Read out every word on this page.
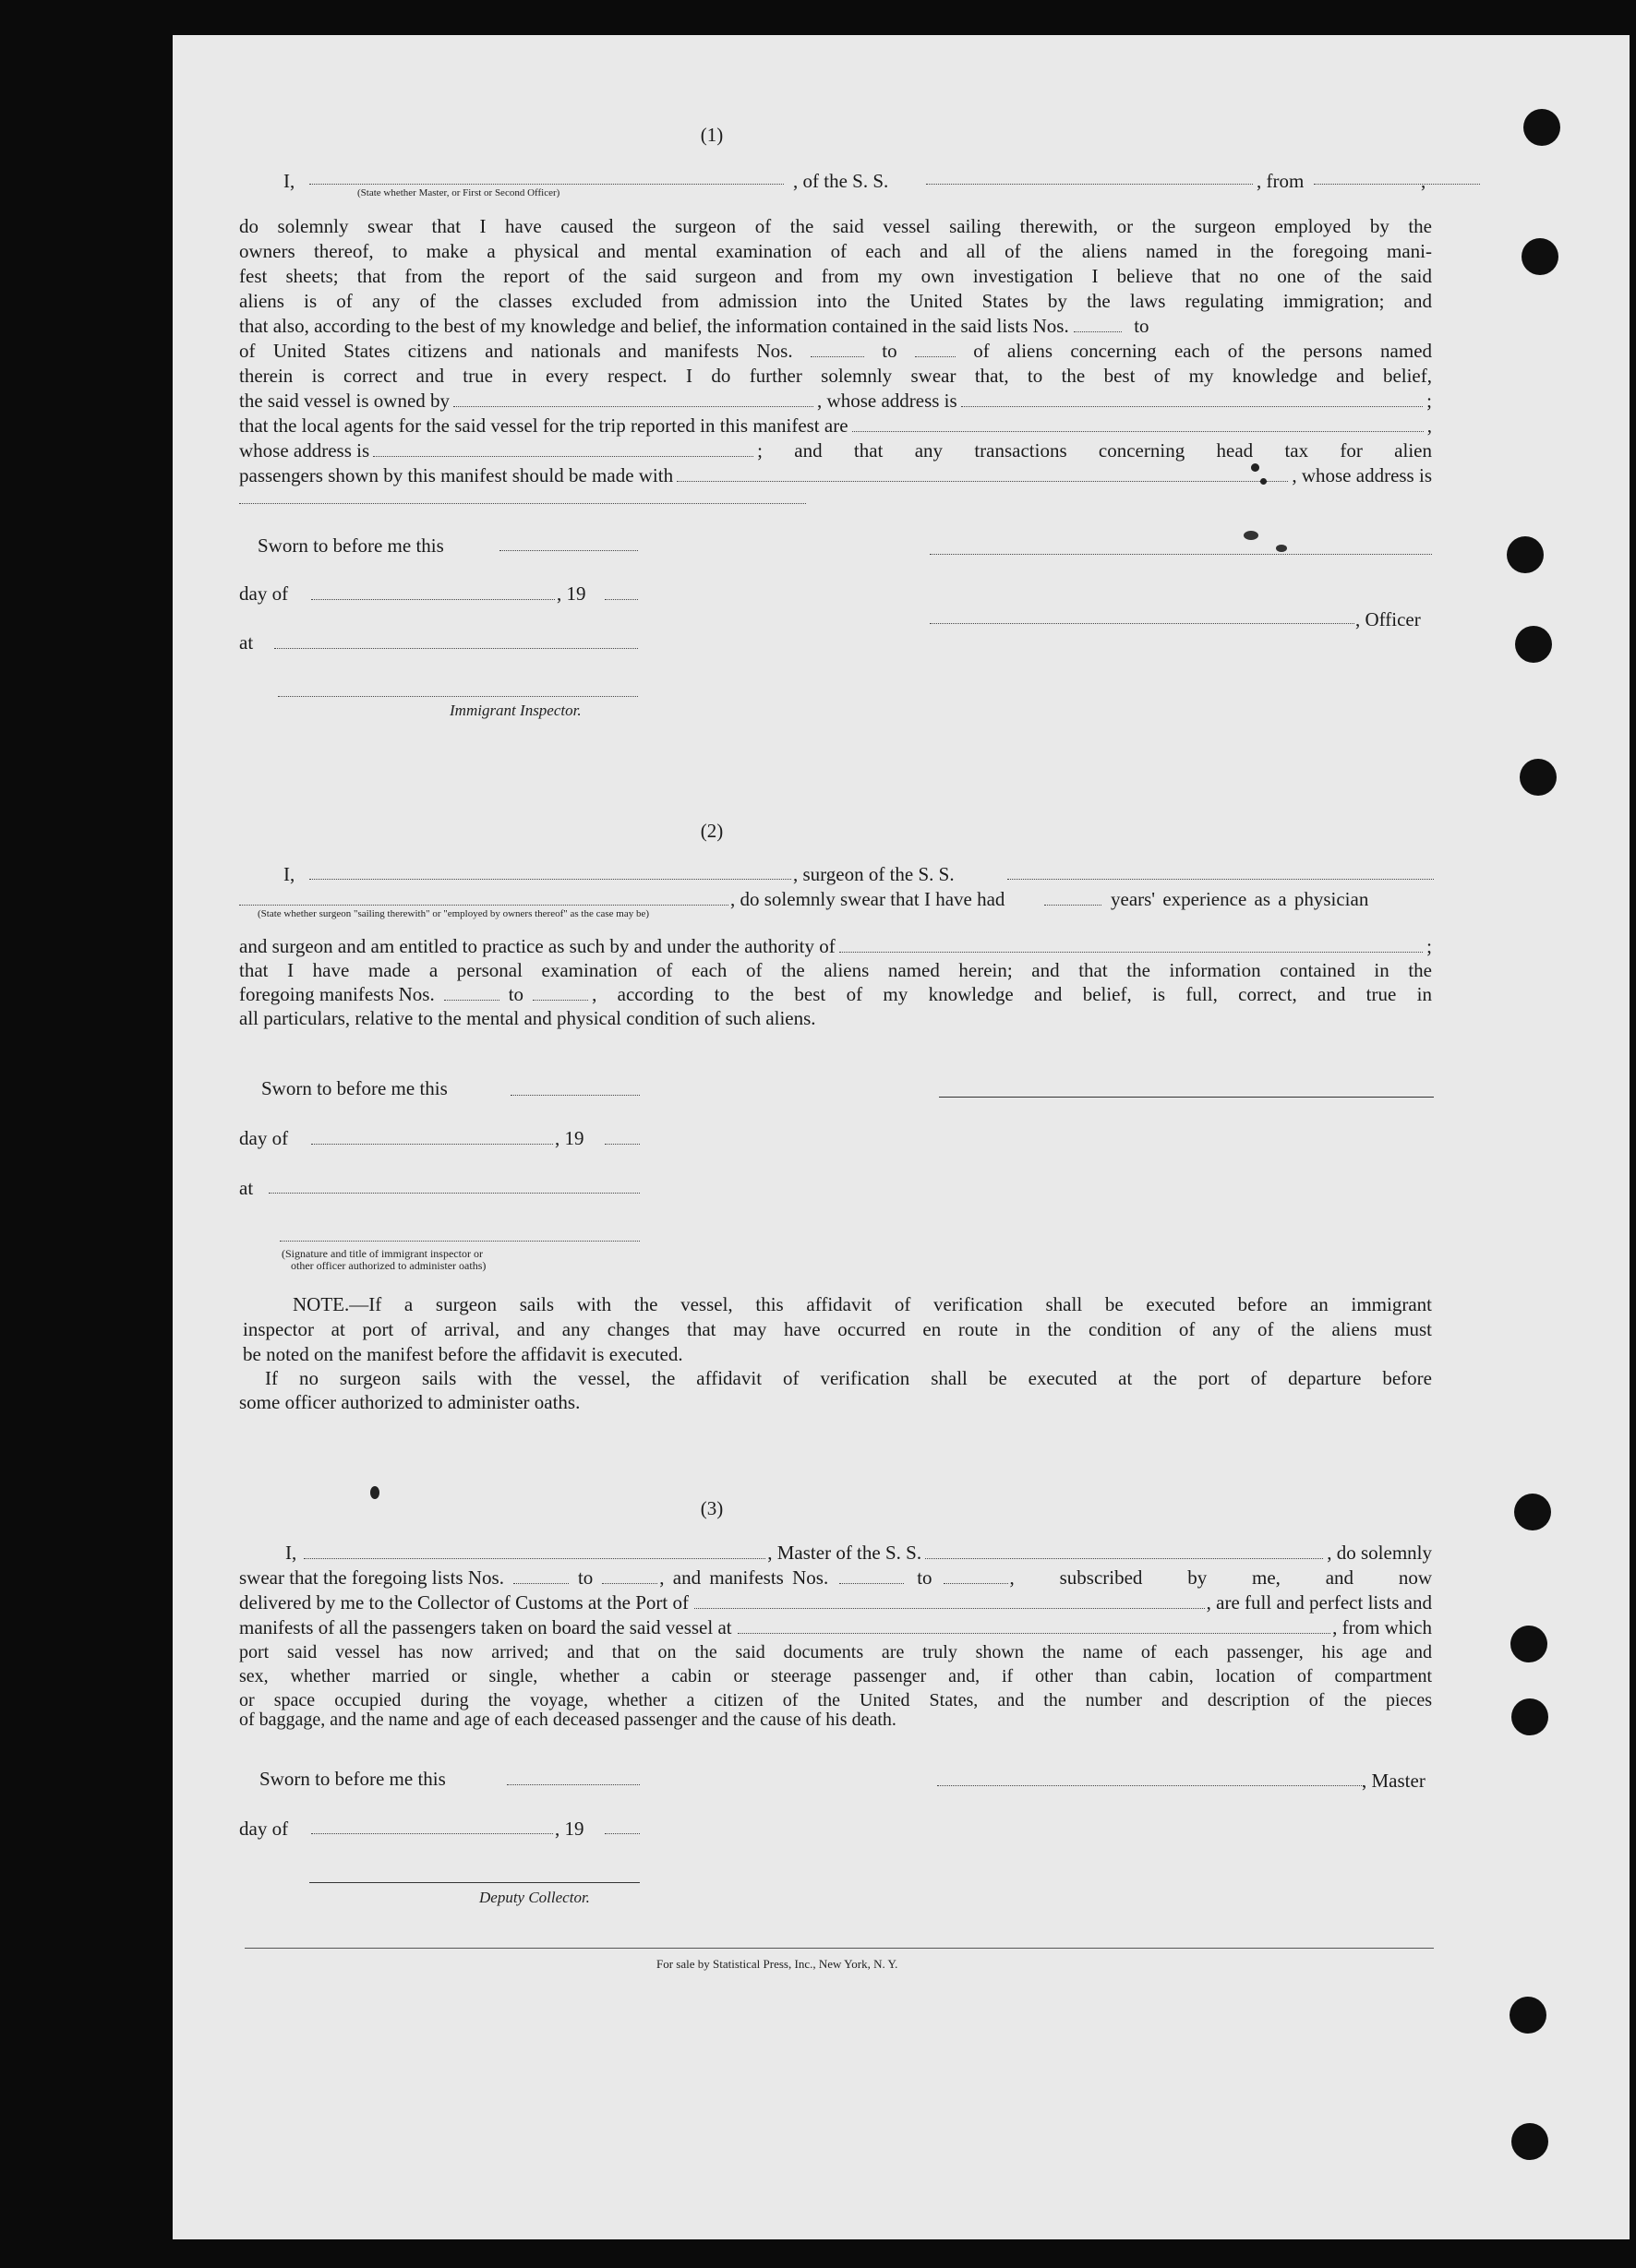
(1)
I,
(State whether Master, or First or Second Officer)
, of the S. S.	, from	,
do solemnly swear that I have caused the surgeon of the said vessel sailing therewith, or the surgeon employed by the
owners thereof, to make a physical and mental examination of each and all of the aliens named in the foregoing mani-
fest sheets; that from the report of the said surgeon and from my own investigation I believe that no one of the said
aliens is of any of the classes excluded from admission into the United States by the laws regulating immigration; and
that also, according to the best of my knowledge and belief, the information contained in the said lists Nos.	to
of United States citizens and nationals and manifests Nos.	to	of aliens concerning each of the persons named
therein is correct and true in every respect. I do further solemnly swear that, to the best of my knowledge and belief,
the said vessel is owned by	, whose address is	;
that the local agents for the said vessel for the trip reported in this manifest are	,
whose address is	; and that any transactions concerning head tax for alien
passengers shown by this manifest should be made with	, whose address is
Sworn to before me this
day of	, 19
, Officer
at
Immigrant Inspector.
(2)
I,	, surgeon of the S. S.
, do solemnly swear that I have had	years' experience as a physician
(State whether surgeon "sailing therewith" or "employed by owners thereof" as the case may be)
and surgeon and am entitled to practice as such by and under the authority of	;
that I have made a personal examination of each of the aliens named herein; and that the information contained in the
foregoing manifests Nos.	to	, according to the best of my knowledge and belief, is full, correct, and true in
all particulars, relative to the mental and physical condition of such aliens.
Sworn to before me this
day of	, 19
at
(Signature and title of immigrant inspector or
other officer authorized to administer oaths)
NOTE.—If a surgeon sails with the vessel, this affidavit of verification shall be executed before an immigrant
inspector at port of arrival, and any changes that may have occurred en route in the condition of any of the aliens must
be noted on the manifest before the affidavit is executed.
If no surgeon sails with the vessel, the affidavit of verification shall be executed at the port of departure before
some officer authorized to administer oaths.
(3)
I,	, Master of the S. S.	, do solemnly
swear that the foregoing lists Nos.	to	, and manifests Nos.	to	, subscribed by me, and now
delivered by me to the Collector of Customs at the Port of	, are full and perfect lists and
manifests of all the passengers taken on board the said vessel at	, from which
port said vessel has now arrived; and that on the said documents are truly shown the name of each passenger, his age and
sex, whether married or single, whether a cabin or steerage passenger and, if other than cabin, location of compartment
or space occupied during the voyage, whether a citizen of the United States, and the number and description of the pieces
of baggage, and the name and age of each deceased passenger and the cause of his death.
Sworn to before me this	, Master
day of	, 19
Deputy Collector.
For sale by Statistical Press, Inc., New York, N. Y.
